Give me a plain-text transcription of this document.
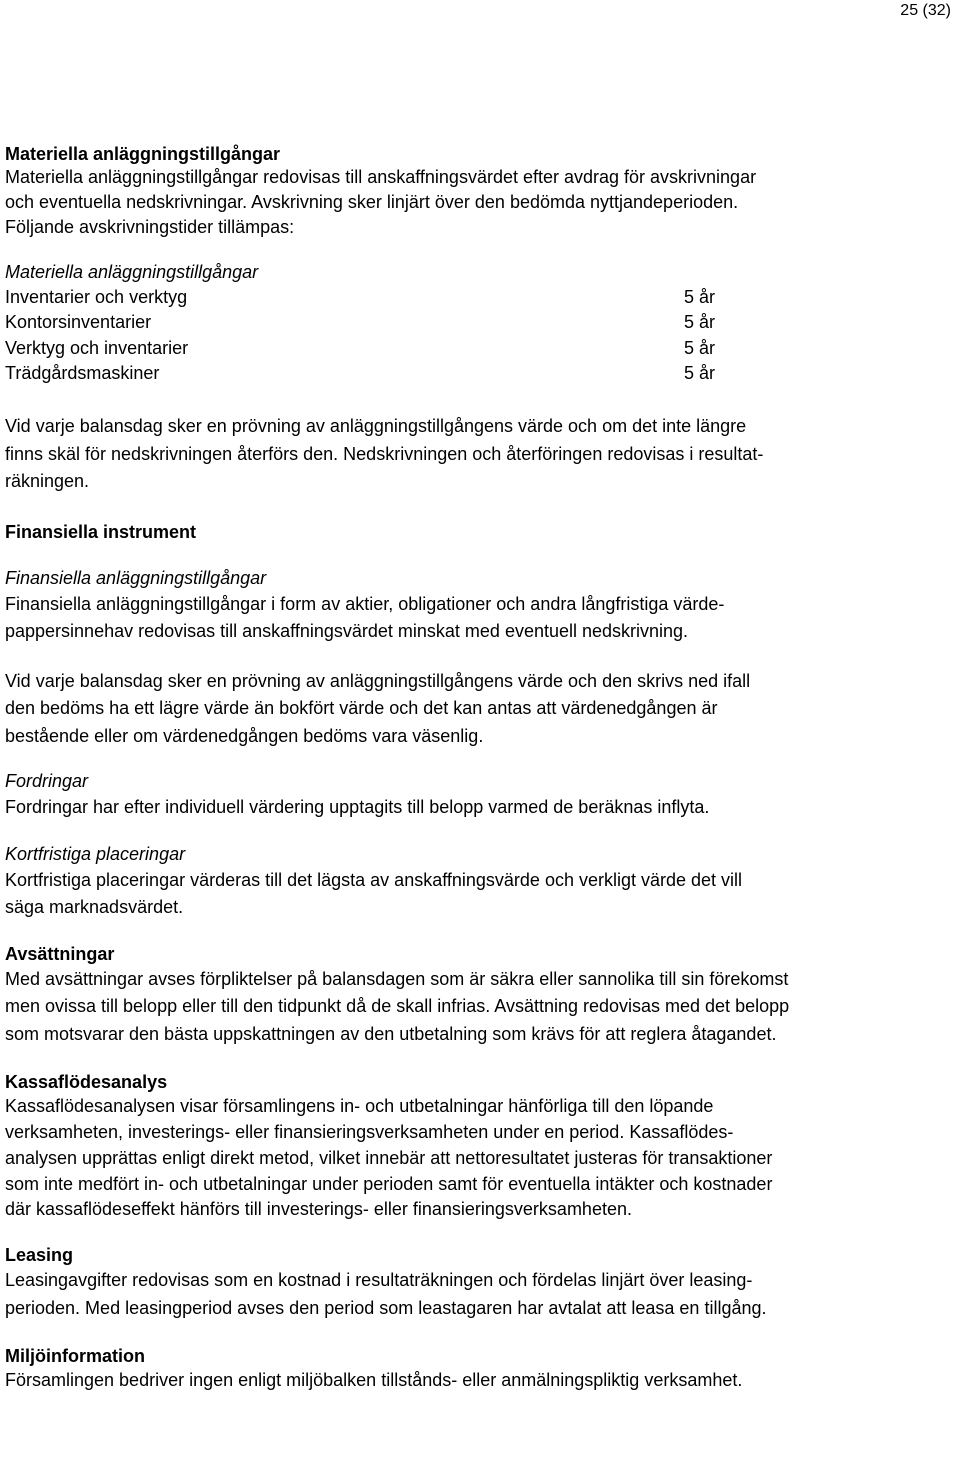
25 (32)
Materiella anläggningstillgångar

Materiella anläggningstillgångar redovisas till anskaffningsvärdet efter avdrag för avskrivningar
och eventuella nedskrivningar. Avskrivning sker linjärt över den bedömda nyttjandeperioden.
Följande avskrivningstider tillämpas:

Materiella anläggningstillgångar
Inventarier och verktyg	5 år
Kontorsinventarier	5 år
Verktyg och inventarier	5 år
Trädgårdsmaskiner	5 år

Vid varje balansdag sker en prövning av anläggningstillgångens värde och om det inte längre
finns skäl för nedskrivningen återförs den. Nedskrivningen och återföringen redovisas i resultat-
räkningen.

Finansiella instrument
Finansiella anläggningstillgångar

Finansiella anläggningstillgångar i form av aktier, obligationer och andra långfristiga värde-
pappersinnehav redovisas till anskaffningsvärdet minskat med eventuell nedskrivning.

Vid varje balansdag sker en prövning av anläggningstillgångens värde och den skrivs ned ifall
den bedöms ha ett lägre värde än bokfört värde och det kan antas att värdenedgången är
bestående eller om värdenedgången bedöms vara väsenlig.

Fordringar

Fordringar har efter individuell värdering upptagits till belopp varmed de beräknas inflyta.

Kortfristiga placeringar

Kortfristiga placeringar värderas till det lägsta av anskaffningsvärde och verkligt värde det vill
säga marknadsvärdet.

Avsättningar

Med avsättningar avses förpliktelser på balansdagen som är säkra eller sannolika till sin förekomst
men ovissa till belopp eller till den tidpunkt då de skall infrias. Avsättning redovisas med det belopp
som motsvarar den bästa uppskattningen av den utbetalning som krävs för att reglera åtagandet.

Kassaflödesanalys

Kassaflödesanalysen visar församlingens in- och utbetalningar hänförliga till den löpande
verksamheten, investerings- eller finansieringsverksamheten under en period. Kassaflödes-
analysen upprättas enligt direkt metod, vilket innebär att nettoresultatet justeras för transaktioner
som inte medfört in- och utbetalningar under perioden samt för eventuella intäkter och kostnader
där kassaflödeseffekt hänförs till investerings- eller finansieringsverksamheten.

Leasing

Leasingavgifter redovisas som en kostnad i resultaträkningen och fördelas linjärt över leasing-
perioden. Med leasingperiod avses den period som leastagaren har avtalat att leasa en tillgång.

Miljöinformation

Församlingen bedriver ingen enligt miljöbalken tillstånds- eller anmälningspliktig verksamhet.
